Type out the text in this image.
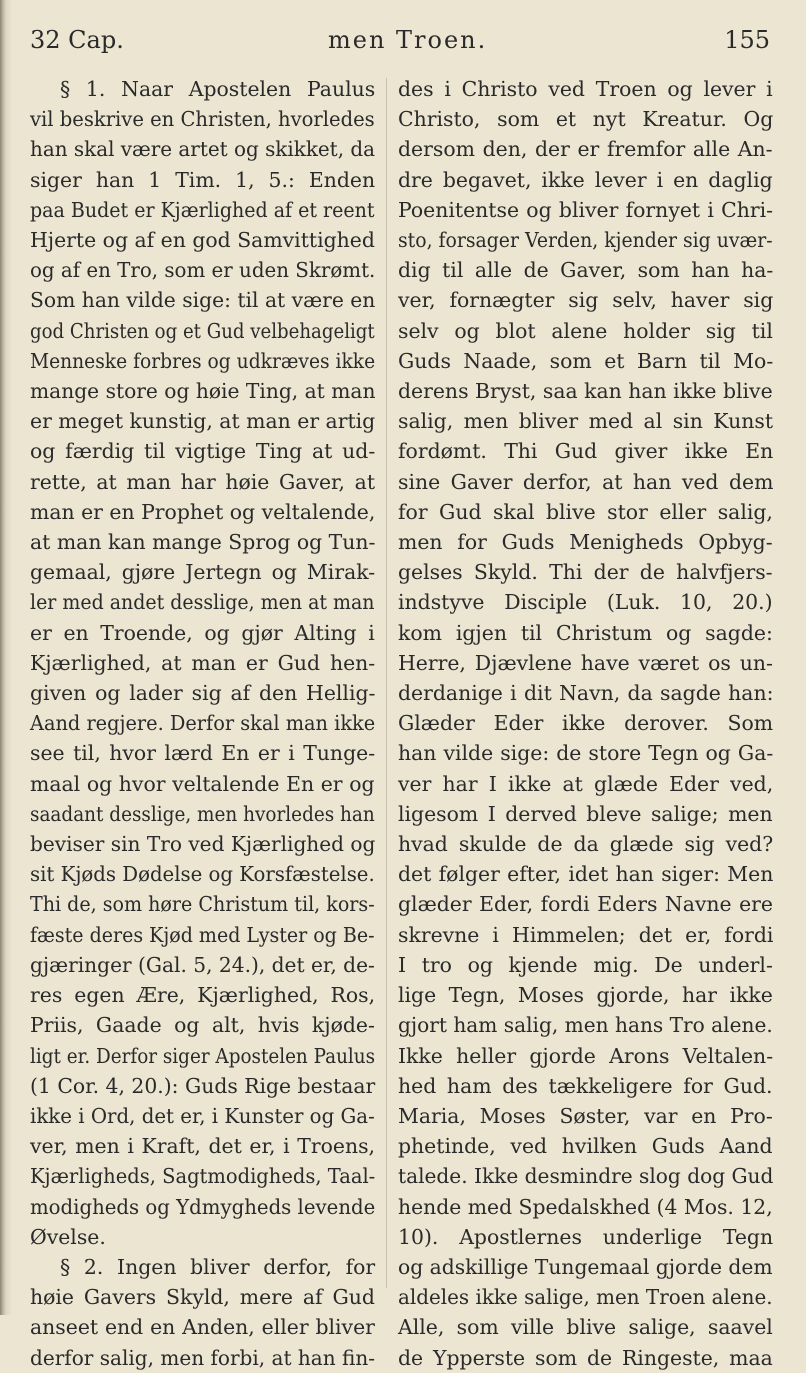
32 Cap.	men Troen.	155
§ 1. Naar Apostelen Paulus
vil beskrive en Christen, hvorledes
han skal være artet og skikket, da
siger han 1 Tim. 1, 5.: Enden
paa Budet er Kjærlighed af et reent
Hjerte og af en god Samvittighed
og af en Tro, som er uden Skrømt.
Som han vilde sige: til at være en
god Christen og et Gud velbehageligt
Menneske forbres og udkræves ikke
mange store og høie Ting, at man
er meget kunstig, at man er artig
og færdig til vigtige Ting at ud-
rette, at man har høie Gaver, at
man er en Prophet og veltalende,
at man kan mange Sprog og Tun-
gemaal, gjøre Jertegn og Mirak-
ler med andet desslige, men at man
er en Troende, og gjør Alting i
Kjærlighed, at man er Gud hen-
given og lader sig af den Hellig-
Aand regjere. Derfor skal man ikke
see til, hvor lærd En er i Tunge-
maal og hvor veltalende En er og
saadant desslige, men hvorledes han
beviser sin Tro ved Kjærlighed og
sit Kjøds Dødelse og Korsfæstelse.
Thi de, som høre Christum til, kors-
fæste deres Kjød med Lyster og Be-
gjæringer (Gal. 5, 24.), det er, de-
res egen Ære, Kjærlighed, Ros,
Priis, Gaade og alt, hvis kjøde-
ligt er. Derfor siger Apostelen Paulus
(1 Cor. 4, 20.): Guds Rige bestaar
ikke i Ord, det er, i Kunster og Ga-
ver, men i Kraft, det er, i Troens,
Kjærligheds, Sagtmodigheds, Taal-
modigheds og Ydmygheds levende
Øvelse.
§ 2. Ingen bliver derfor, for
høie Gavers Skyld, mere af Gud
anseet end en Anden, eller bliver
derfor salig, men forbi, at han fin-
des i Christo ved Troen og lever i
Christo, som et nyt Kreatur. Og
dersom den, der er fremfor alle An-
dre begavet, ikke lever i en daglig
Poenitentse og bliver fornyet i Chri-
sto, forsager Verden, kjender sig uvær-
dig til alle de Gaver, som han ha-
ver, fornægter sig selv, haver sig
selv og blot alene holder sig til
Guds Naade, som et Barn til Mo-
derens Bryst, saa kan han ikke blive
salig, men bliver med al sin Kunst
fordømt. Thi Gud giver ikke En
sine Gaver derfor, at han ved dem
for Gud skal blive stor eller salig,
men for Guds Menigheds Opbyg-
gelses Skyld. Thi der de halvfjers-
indstyve Disciple (Luk. 10, 20.)
kom igjen til Christum og sagde:
Herre, Djævlene have været os un-
derdanige i dit Navn, da sagde han:
Glæder Eder ikke derover. Som
han vilde sige: de store Tegn og Ga-
ver har I ikke at glæde Eder ved,
ligesom I derved bleve salige; men
hvad skulde de da glæde sig ved?
det følger efter, idet han siger: Men
glæder Eder, fordi Eders Navne ere
skrevne i Himmelen; det er, fordi
I tro og kjende mig. De underl-
lige Tegn, Moses gjorde, har ikke
gjort ham salig, men hans Tro alene.
Ikke heller gjorde Arons Veltalen-
hed ham des tækkeligere for Gud.
Maria, Moses Søster, var en Pro-
phetinde, ved hvilken Guds Aand
talede. Ikke desmindre slog dog Gud
hende med Spedalskhed (4 Mos. 12,
10). Apostlernes underlige Tegn
og adskillige Tungemaal gjorde dem
aldeles ikke salige, men Troen alene.
Alle, som ville blive salige, saavel
de Ypperste som de Ringeste, maa
